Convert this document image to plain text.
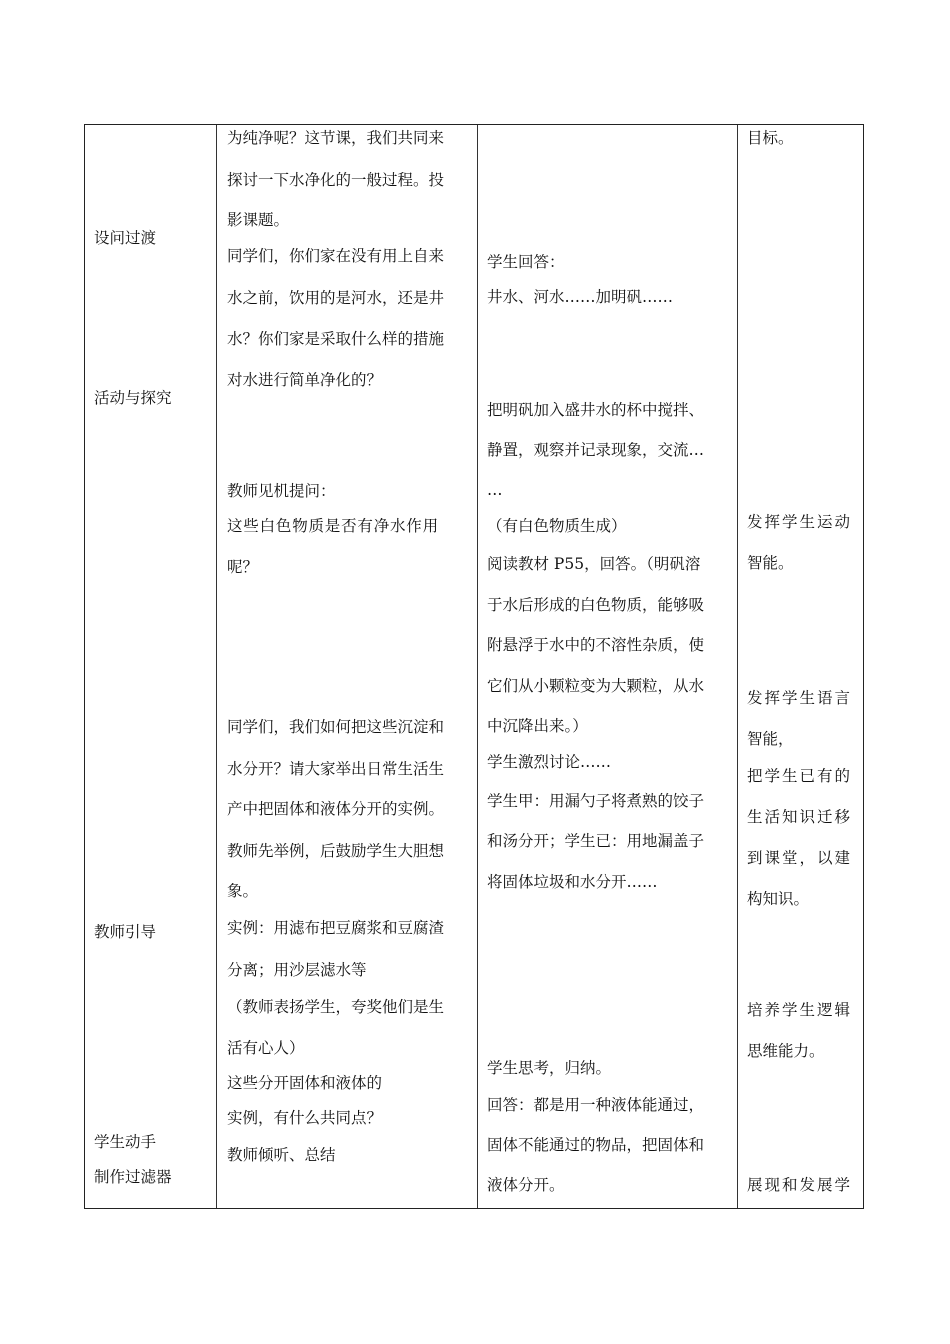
设问过渡
活动与探究
教师引导
学生动手
制作过滤器
为纯净呢？这节课，我们共同来
探讨一下水净化的一般过程。投
影课题。
同学们，你们家在没有用上自来
水之前，饮用的是河水，还是井
水？你们家是采取什么样的措施
对水进行简单净化的？
教师见机提问：
这些白色物质是否有净水作用
呢？
同学们，我们如何把这些沉淀和
水分开？请大家举出日常生活生
产中把固体和液体分开的实例。
教师先举例，后鼓励学生大胆想
象。
实例：用滤布把豆腐浆和豆腐渣
分离；用沙层滤水等
（教师表扬学生，夸奖他们是生
活有心人）
这些分开固体和液体的
实例，有什么共同点？
教师倾听、总结
学生回答：
井水、河水……加明矾……
把明矾加入盛井水的杯中搅拌、
静置，观察并记录现象，交流…
…
（有白色物质生成）
阅读教材 P55，回答。（明矾溶
于水后形成的白色物质，能够吸
附悬浮于水中的不溶性杂质，使
它们从小颗粒变为大颗粒，从水
中沉降出来。）
学生激烈讨论……
学生甲：用漏勺子将煮熟的饺子
和汤分开；学生已：用地漏盖子
将固体垃圾和水分开……
学生思考，归纳。
回答：都是用一种液体能通过，
固体不能通过的物品，把固体和
液体分开。
目标。
发挥学生运动
智能。
发挥学生语言
智能，
把学生已有的
生活知识迁移
到课堂，以建
构知识。
培养学生逻辑
思维能力。
展现和发展学
